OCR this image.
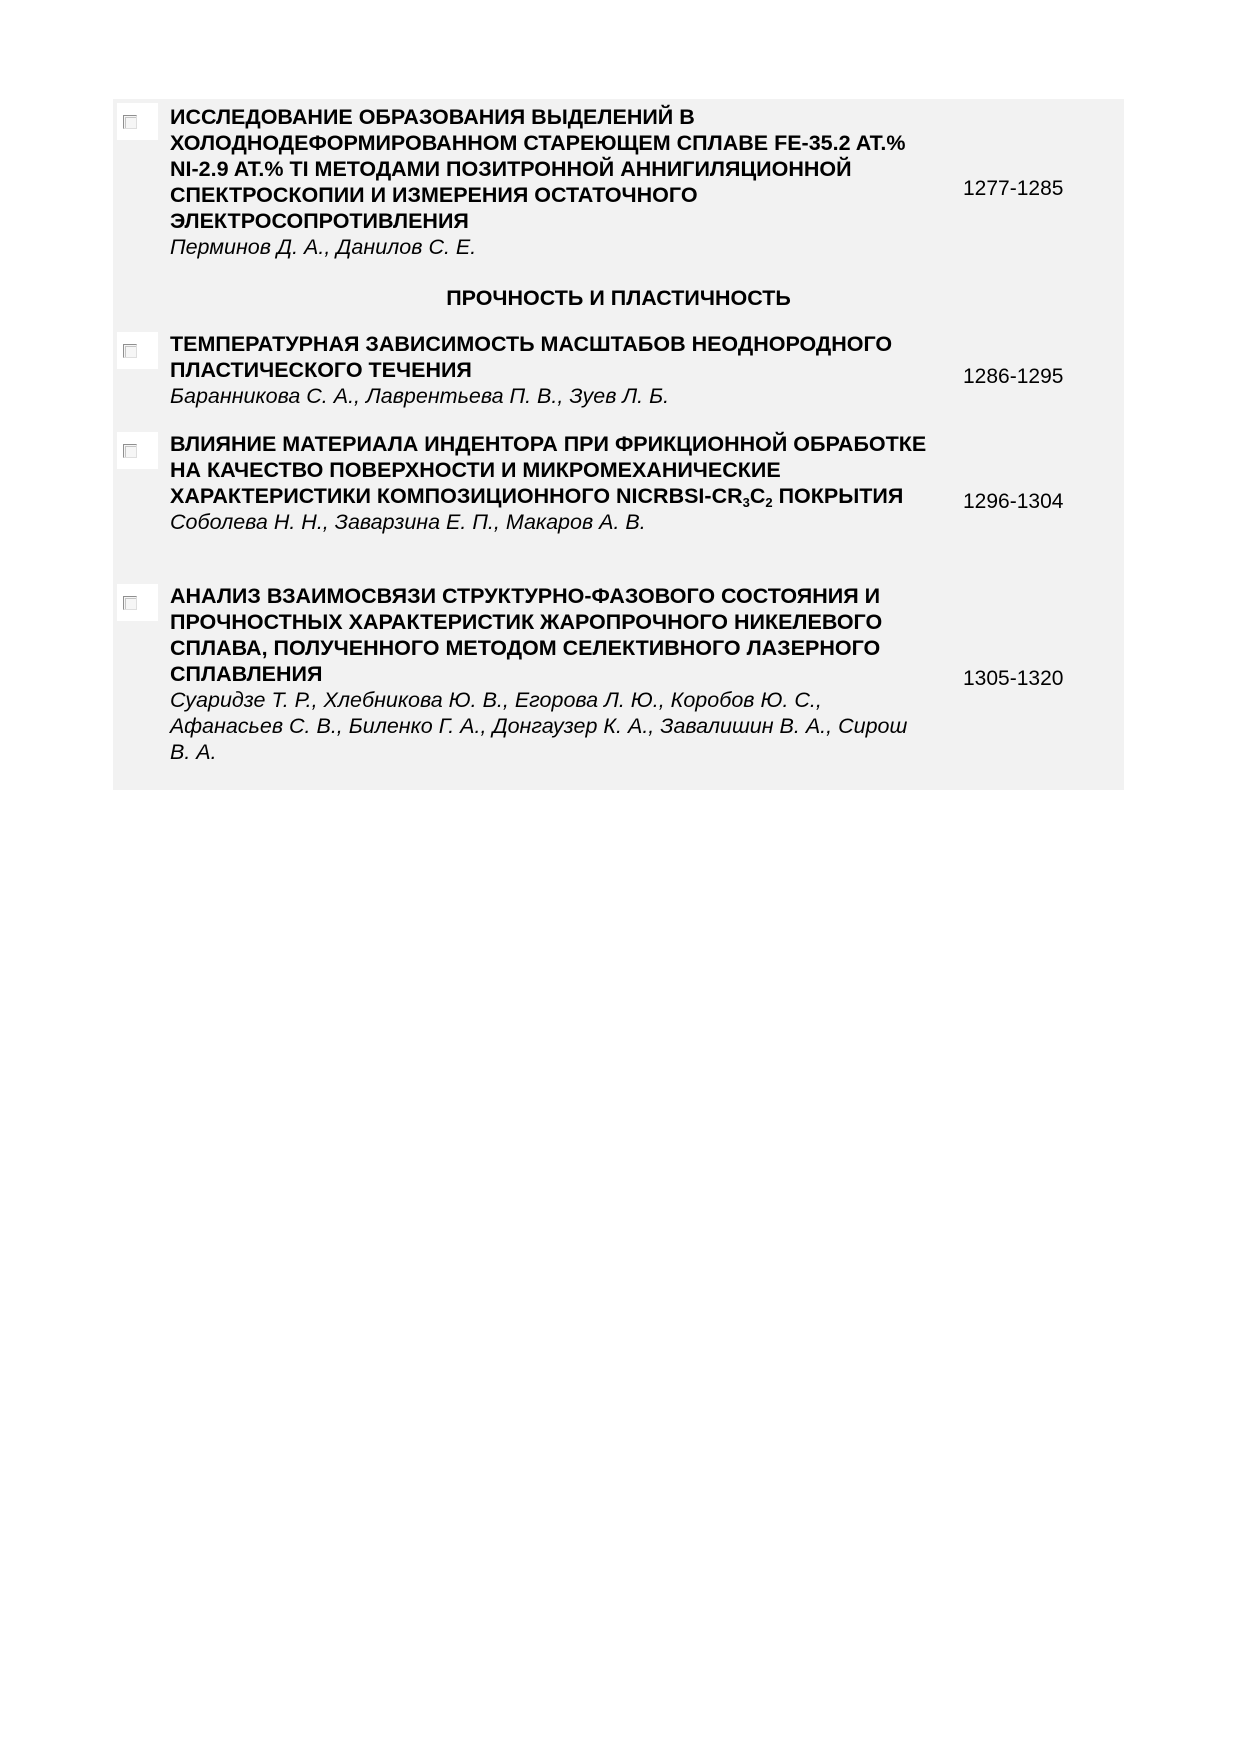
ИССЛЕДОВАНИЕ ОБРАЗОВАНИЯ ВЫДЕЛЕНИЙ В ХОЛОДНОДЕФОРМИРОВАННОМ СТАРЕЮЩЕМ СПЛАВЕ FE-35.2 AT.% NI-2.9 AT.% TI МЕТОДАМИ ПОЗИТРОННОЙ АННИГИЛЯЦИОННОЙ СПЕКТРОСКОПИИ И ИЗМЕРЕНИЯ ОСТАТОЧНОГО ЭЛЕКТРОСОПРОТИВЛЕНИЯ
Перминов Д. А., Данилов С. Е.
1277-1285
ПРОЧНОСТЬ И ПЛАСТИЧНОСТЬ
ТЕМПЕРАТУРНАЯ ЗАВИСИМОСТЬ МАСШТАБОВ НЕОДНОРОДНОГО ПЛАСТИЧЕСКОГО ТЕЧЕНИЯ
Баранникова С. А., Лаврентьева П. В., Зуев Л. Б.
1286-1295
ВЛИЯНИЕ МАТЕРИАЛА ИНДЕНТОРА ПРИ ФРИКЦИОННОЙ ОБРАБОТКЕ НА КАЧЕСТВО ПОВЕРХНОСТИ И МИКРОМЕХАНИЧЕСКИЕ ХАРАКТЕРИСТИКИ КОМПОЗИЦИОННОГО NICRBSI-$CR_3C_2$ ПОКРЫТИЯ
Соболева Н. Н., Заварзина Е. П., Макаров А. В.
1296-1304
АНАЛИЗ ВЗАИМОСВЯЗИ СТРУКТУРНО-ФАЗОВОГО СОСТОЯНИЯ И ПРОЧНОСТНЫХ ХАРАКТЕРИСТИК ЖАРОПРОЧНОГО НИКЕЛЕВОГО СПЛАВА, ПОЛУЧЕННОГО МЕТОДОМ СЕЛЕКТИВНОГО ЛАЗЕРНОГО СПЛАВЛЕНИЯ
Суаридзе Т. Р., Хлебникова Ю. В., Егорова Л. Ю., Коробов Ю. С., Афанасьев С. В., Биленко Г. А., Донгаузер К. А., Завалишин В. А., Сирош В. А.
1305-1320
